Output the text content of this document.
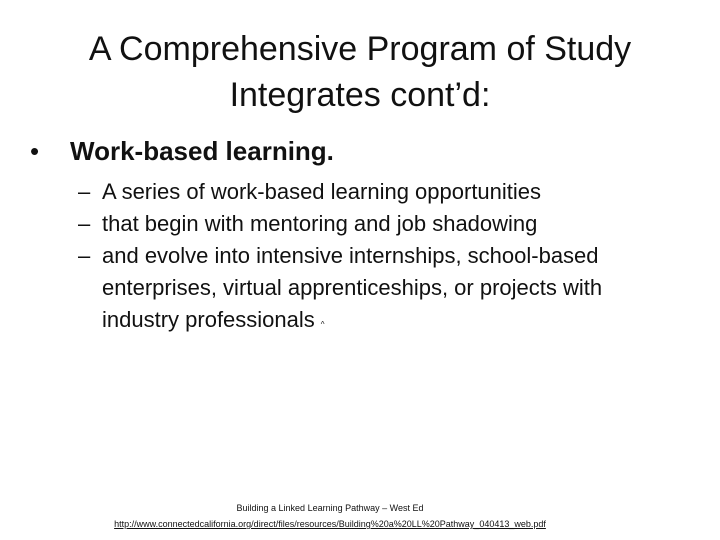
A Comprehensive Program of Study
Integrates cont’d:
• Work-based learning.
– A series of work-based learning opportunities
– that begin with mentoring and job shadowing
– and evolve into intensive internships, school-based enterprises, virtual apprenticeships, or projects with industry professionals ^
Building a Linked Learning Pathway – West Ed
http://www.connectedcalifornia.org/direct/files/resources/Building%20a%20LL%20Pathway_040413_web.pdf
